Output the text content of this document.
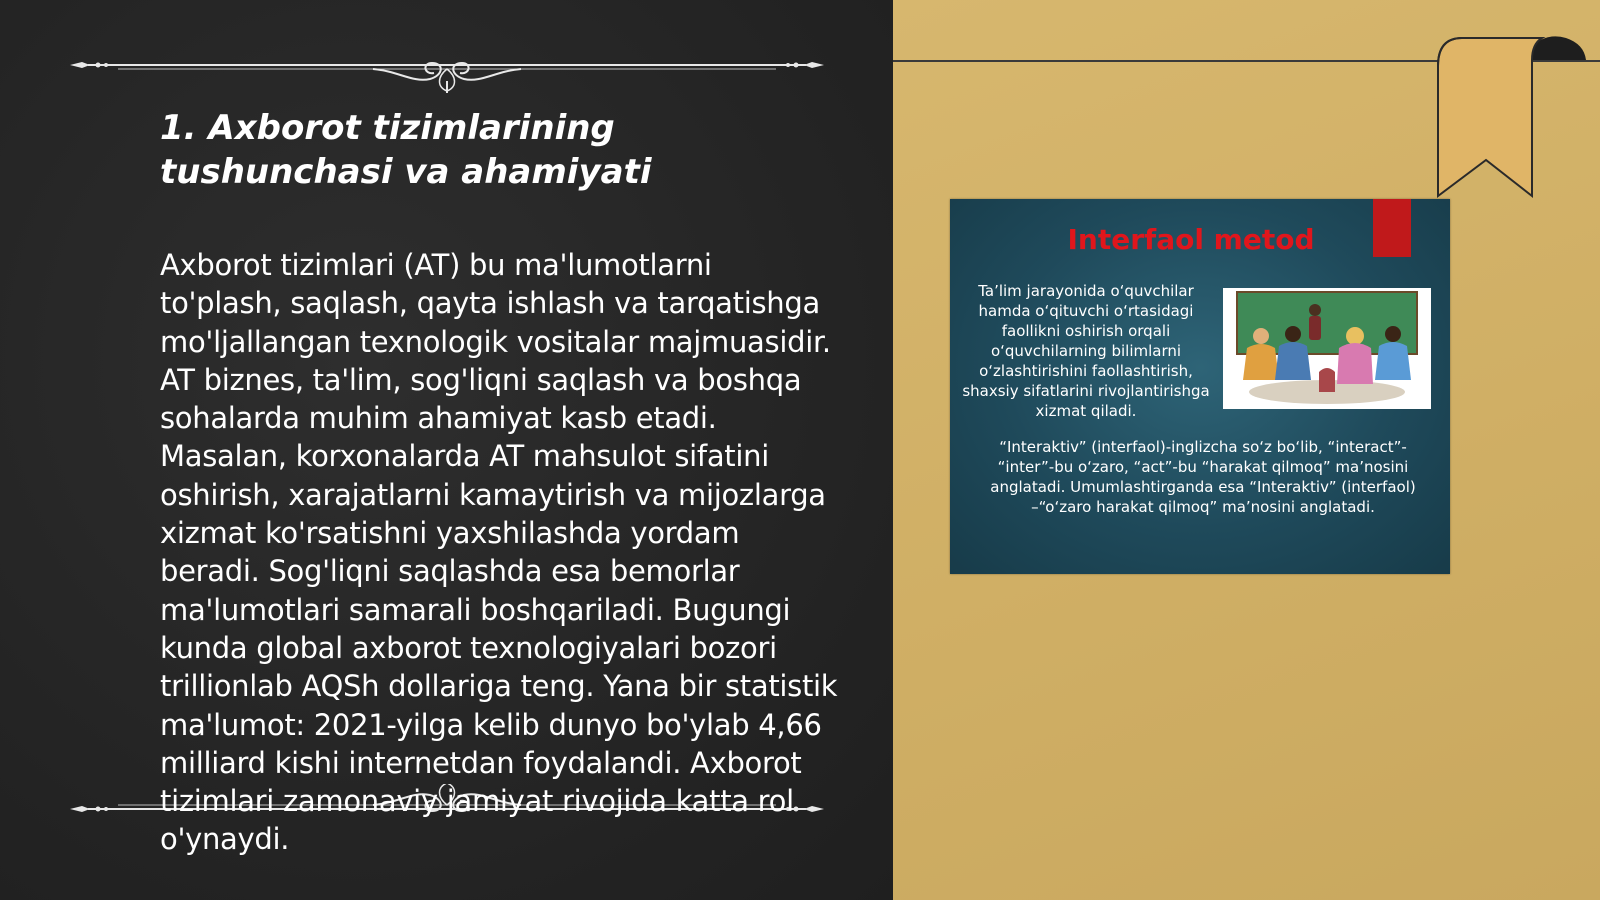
1. Axborot tizimlarining tushunchasi va ahamiyati

Axborot tizimlari (AT) bu ma'lumotlarni to'plash, saqlash, qayta ishlash va tarqatishga mo'ljallangan texnologik vositalar majmuasidir. AT biznes, ta'lim, sog'liqni saqlash va boshqa sohalarda muhim ahamiyat kasb etadi. Masalan, korxonalarda AT mahsulot sifatini oshirish, xarajatlarni kamaytirish va mijozlarga xizmat ko'rsatishni yaxshilashda yordam beradi. Sog'liqni saqlashda esa bemorlar ma'lumotlari samarali boshqariladi. Bugungi kunda global axborot texnologiyalari bozori trillionlab AQSh dollariga teng. Yana bir statistik ma'lumot: 2021-yilga kelib dunyo bo'ylab 4,66 milliard kishi internetdan foydalandi. Axborot tizimlari zamonaviy jamiyat rivojida katta rol o'ynaydi.

Interfaol metod
Ta’lim jarayonida o‘quvchilar hamda o‘qituvchi o‘rtasidagi faollikni oshirish orqali o‘quvchilarning bilimlarni o‘zlashtirishini faollashtirish, shaxsiy sifatlarini rivojlantirishga xizmat qiladi.
“Interaktiv” (interfaol)-inglizcha so‘z bo‘lib, “interact”- “inter”-bu o‘zaro, “act”-bu “harakat qilmoq” ma’nosini anglatadi. Umumlashtirganda esa “Interaktiv” (interfaol) –“o‘zaro harakat qilmoq” ma’nosini anglatadi.
